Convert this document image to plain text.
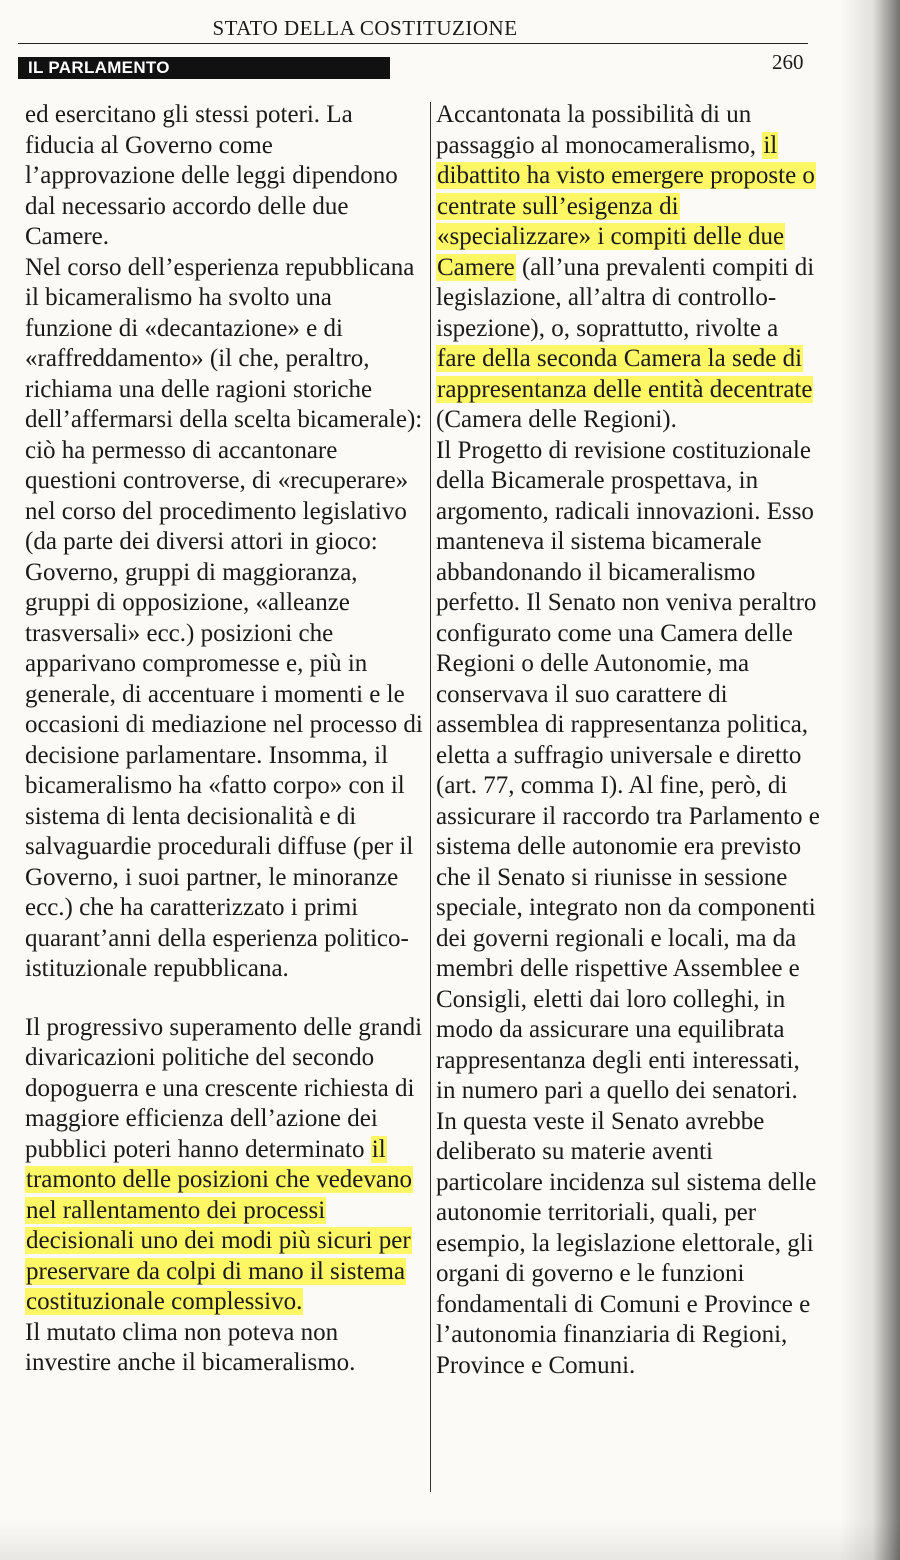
STATO DELLA COSTITUZIONE
IL PARLAMENTO	260

ed esercitano gli stessi poteri. La fiducia al Governo come l’approvazione delle leggi dipendono dal necessario accordo delle due Camere.

Nel corso dell’esperienza repubblicana il bicameralismo ha svolto una funzione di «decantazione» e di «raffreddamento» (il che, peraltro, richiama una delle ragioni storiche dell’affermarsi della scelta bicamerale): ciò ha permesso di accantonare questioni controverse, di «recuperare» nel corso del procedimento legislativo (da parte dei diversi attori in gioco: Governo, gruppi di maggioranza, gruppi di opposizione, «alleanze trasversali» ecc.) posizioni che apparivano compromesse e, più in generale, di accentuare i momenti e le occasioni di mediazione nel processo di decisione parlamentare. Insomma, il bicameralismo ha «fatto corpo» con il sistema di lenta decisionalità e di salvaguardie procedurali diffuse (per il Governo, i suoi partner, le minoranze ecc.) che ha caratterizzato i primi quarant’anni della esperienza politico-istituzionale repubblicana.

Il progressivo superamento delle grandi divaricazioni politiche del secondo dopoguerra e una crescente richiesta di maggiore efficienza dell’azione dei pubblici poteri hanno determinato il tramonto delle posizioni che vedevano nel rallentamento dei processi decisionali uno dei modi più sicuri per preservare da colpi di mano il sistema costituzionale complessivo.

Il mutato clima non poteva non investire anche il bicameralismo.

Accantonata la possibilità di un passaggio al monocameralismo, il dibattito ha visto emergere proposte o centrate sull’esigenza di «specializzare» i compiti delle due Camere (all’una prevalenti compiti di legislazione, all’altra di controllo-ispezione), o, soprattutto, rivolte a fare della seconda Camera la sede di rappresentanza delle entità decentrate (Camera delle Regioni).

Il Progetto di revisione costituzionale della Bicamerale prospettava, in argomento, radicali innovazioni. Esso manteneva il sistema bicamerale abbandonando il bicameralismo perfetto. Il Senato non veniva peraltro configurato come una Camera delle Regioni o delle Autonomie, ma conservava il suo carattere di assemblea di rappresentanza politica, eletta a suffragio universale e diretto (art. 77, comma I). Al fine, però, di assicurare il raccordo tra Parlamento e sistema delle autonomie era previsto che il Senato si riunisse in sessione speciale, integrato non da componenti dei governi regionali e locali, ma da membri delle rispettive Assemblee e Consigli, eletti dai loro colleghi, in modo da assicurare una equilibrata rappresentanza degli enti interessati, in numero pari a quello dei senatori. In questa veste il Senato avrebbe deliberato su materie aventi particolare incidenza sul sistema delle autonomie territoriali, quali, per esempio, la legislazione elettorale, gli organi di governo e le funzioni fondamentali di Comuni e Province e l’autonomia finanziaria di Regioni, Province e Comuni.
